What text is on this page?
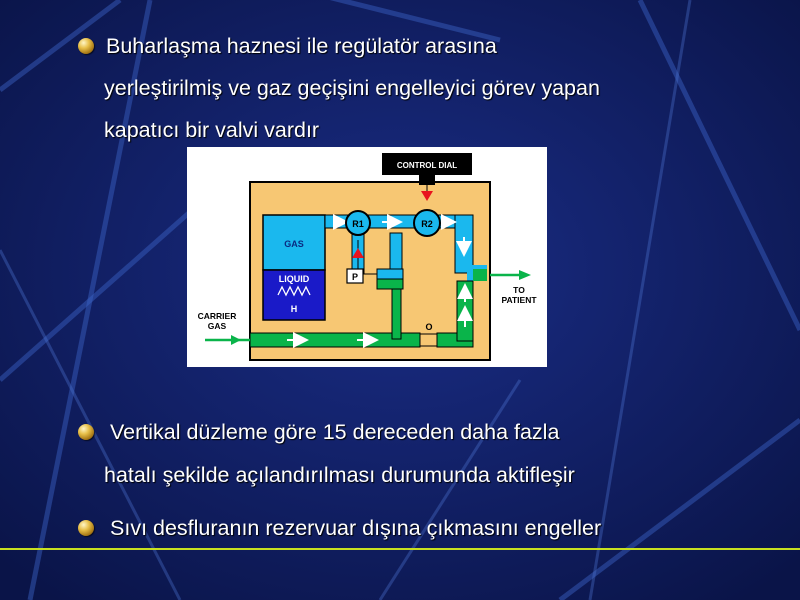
Buharlaşma haznesi ile regülatör arasına
yerleştirilmiş ve gaz geçişini engelleyici görev yapan
kapatıcı bir valvi vardır
CONTROL DIAL
GAS
LIQUID
H
R1	R2
P
O
CARRIER
GAS
TO
PATIENT
Vertikal düzleme göre 15 dereceden daha fazla
hatalı şekilde açılandırılması durumunda aktifleşir
Sıvı desfluranın rezervuar dışına çıkmasını engeller
